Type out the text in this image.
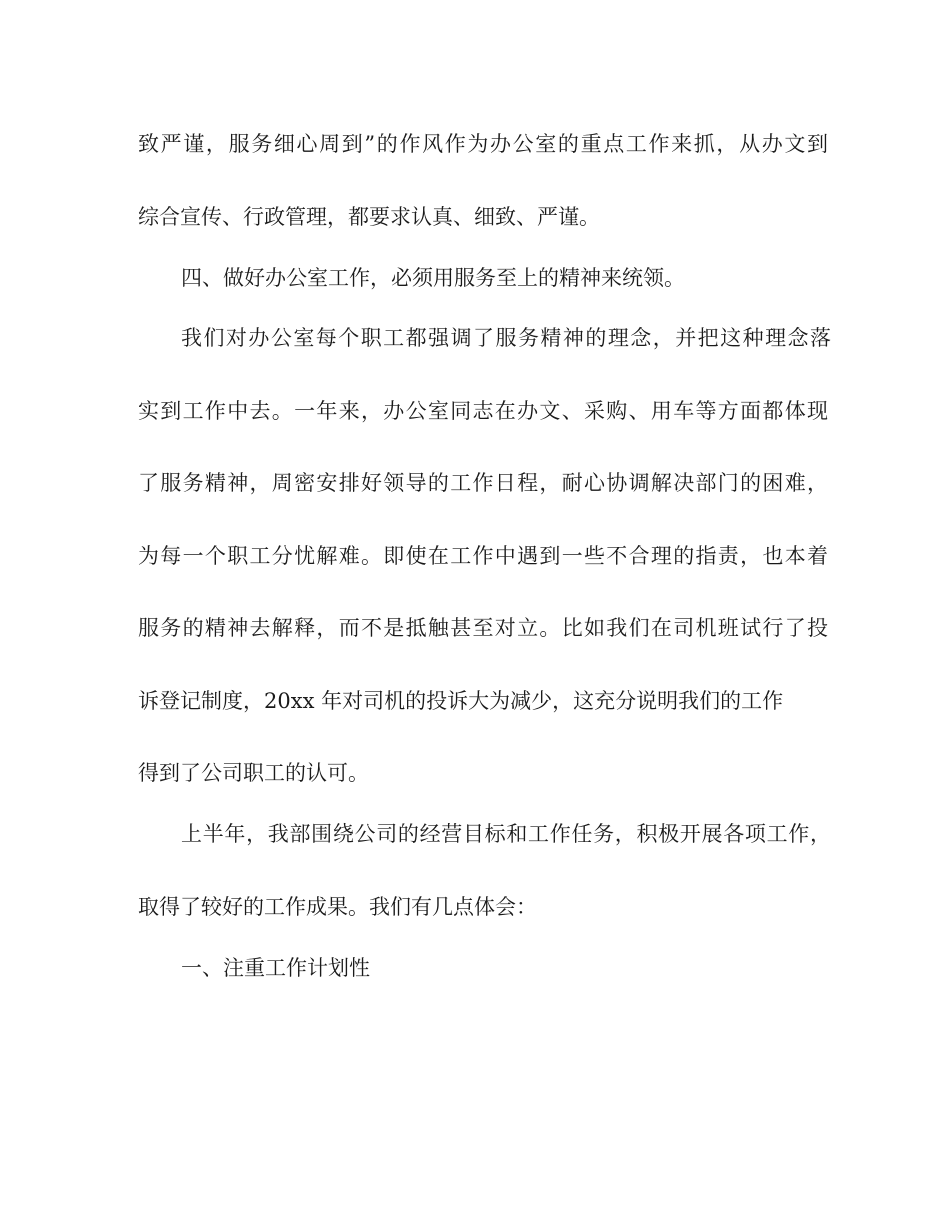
致严谨，服务细心周到”的作风作为办公室的重点工作来抓，从办文到
综合宣传、行政管理，都要求认真、细致、严谨。
四、做好办公室工作，必须用服务至上的精神来统领。
我们对办公室每个职工都强调了服务精神的理念，并把这种理念落
实到工作中去。一年来，办公室同志在办文、采购、用车等方面都体现
了服务精神，周密安排好领导的工作日程，耐心协调解决部门的困难，
为每一个职工分忧解难。即使在工作中遇到一些不合理的指责，也本着
服务的精神去解释，而不是抵触甚至对立。比如我们在司机班试行了投
诉登记制度，20xx 年对司机的投诉大为减少，这充分说明我们的工作
得到了公司职工的认可。
上半年，我部围绕公司的经营目标和工作任务，积极开展各项工作，
取得了较好的工作成果。我们有几点体会：
一、注重工作计划性
